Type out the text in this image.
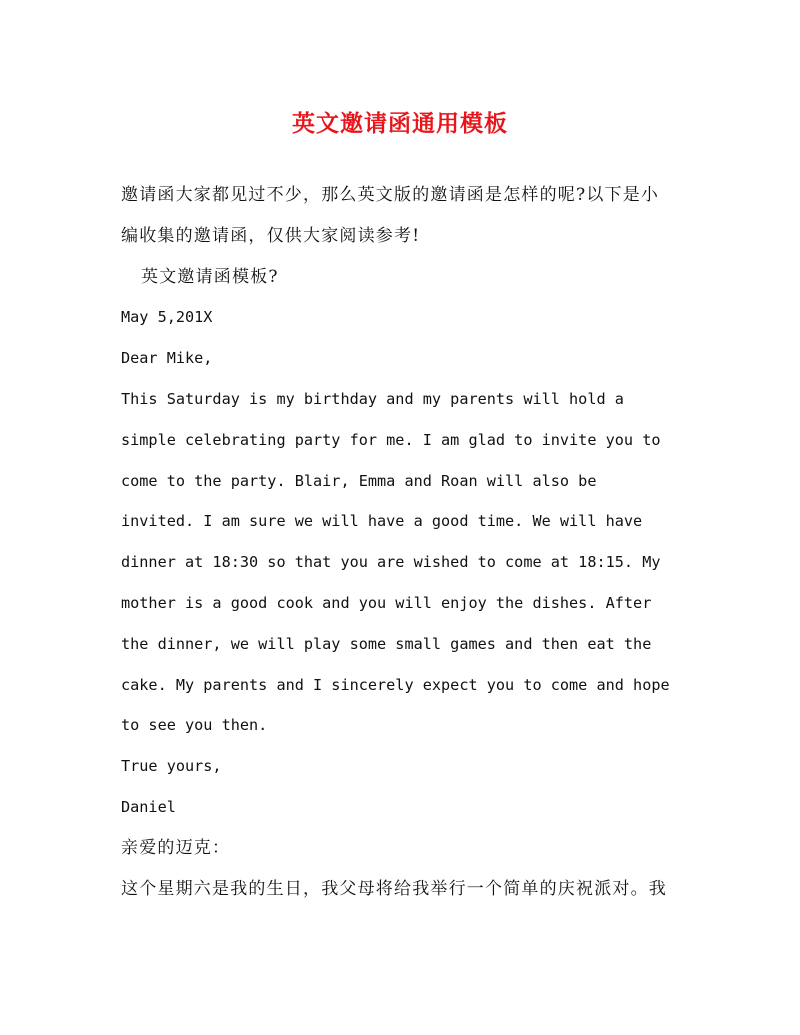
英文邀请函通用模板
邀请函大家都见过不少，那么英文版的邀请函是怎样的呢?以下是小
编收集的邀请函，仅供大家阅读参考!
英文邀请函模板?
May 5,201X
Dear Mike,
This Saturday is my birthday and my parents will hold a
simple celebrating party for me. I am glad to invite you to
come to the party. Blair, Emma and Roan will also be
invited. I am sure we will have a good time. We will have
dinner at 18:30 so that you are wished to come at 18:15. My
mother is a good cook and you will enjoy the dishes. After
the dinner, we will play some small games and then eat the
cake. My parents and I sincerely expect you to come and hope
to see you then.
True yours,
Daniel
亲爱的迈克：
这个星期六是我的生日，我父母将给我举行一个简单的庆祝派对。我
